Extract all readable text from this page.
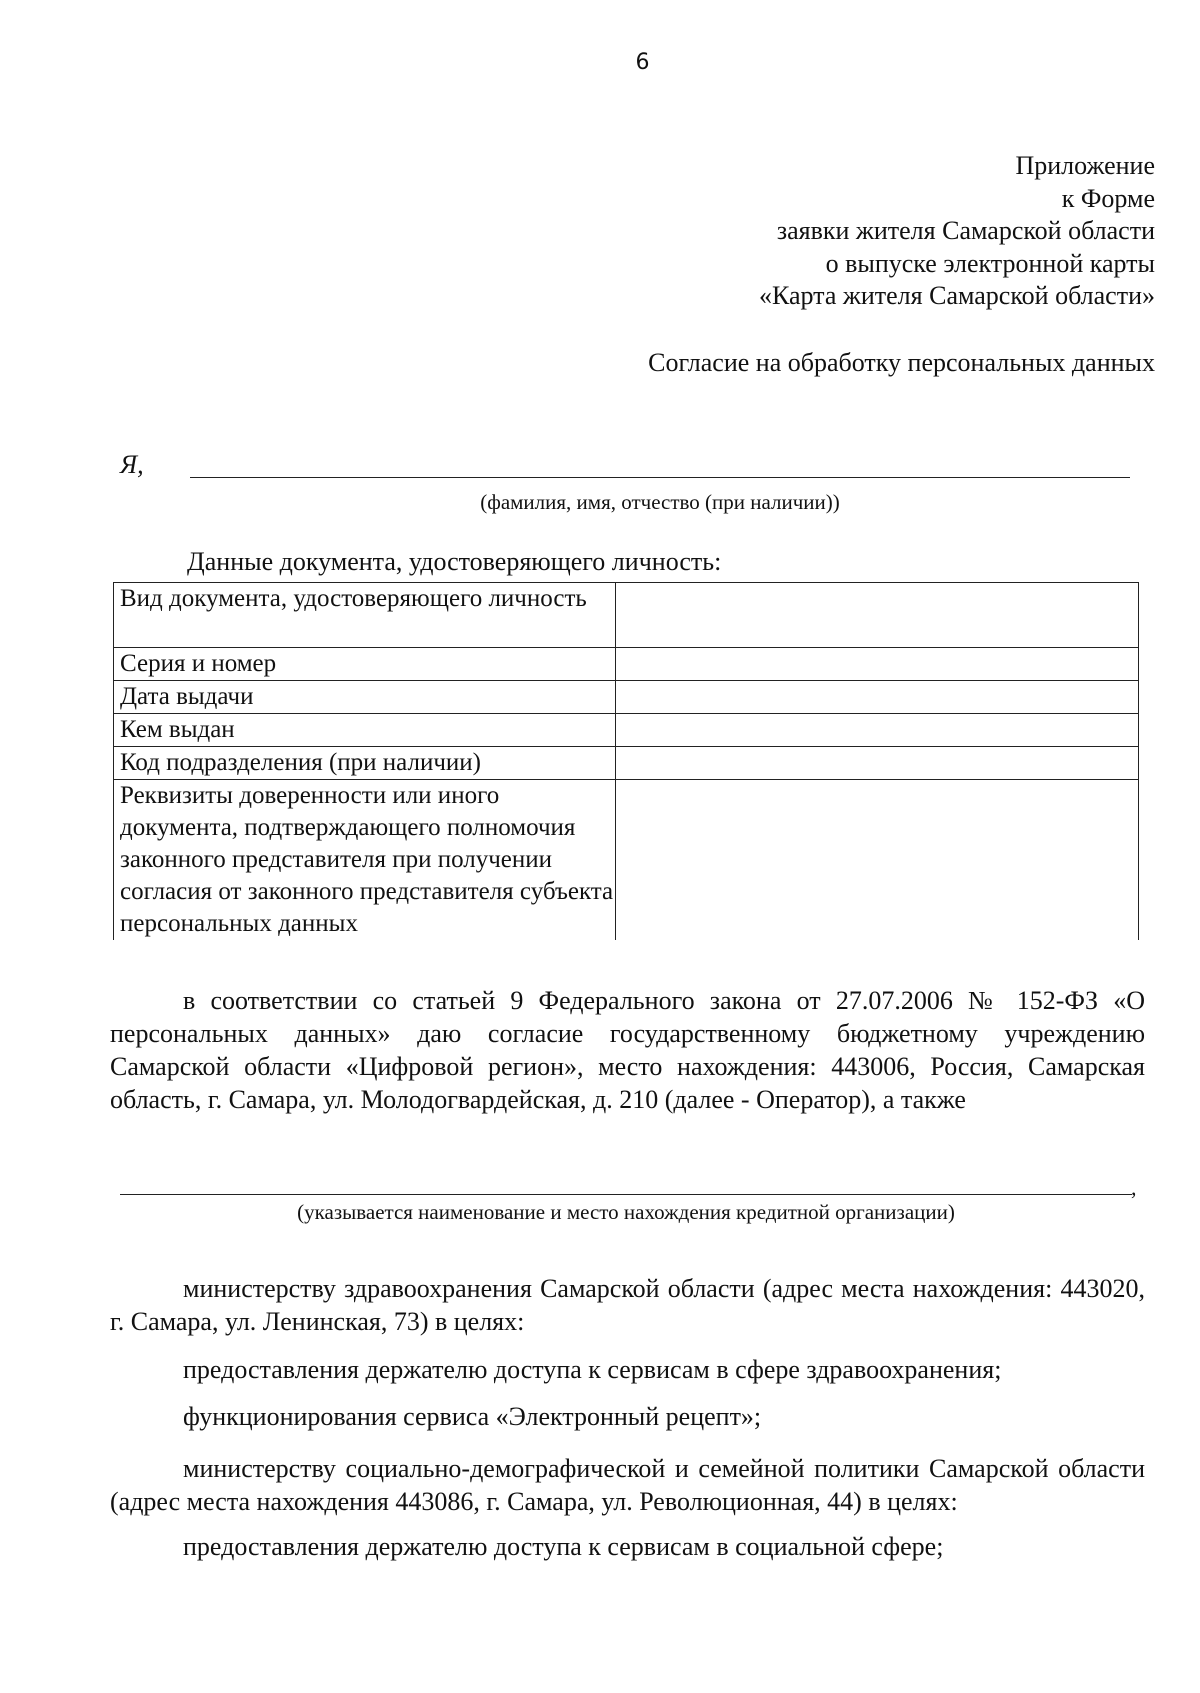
6
Приложение
к Форме
заявки жителя Самарской области
о выпуске электронной карты
«Карта жителя Самарской области»
Согласие на обработку персональных данных
Я,
(фамилия, имя, отчество (при наличии))
Данные документа, удостоверяющего личность:
Вид документа, удостоверяющего личность	
Серия и номер	
Дата выдачи	
Кем выдан	
Код подразделения (при наличии)	
Реквизиты доверенности или иного документа, подтверждающего полномочия законного представителя при получении согласия от законного представителя субъекта персональных данных	
в соответствии со статьей 9 Федерального закона от 27.07.2006 № 152-ФЗ «О персональных данных» даю согласие государственному бюджетному учреждению Самарской области «Цифровой регион», место нахождения: 443006, Россия, Самарская область, г. Самара, ул. Молодогвардейская, д. 210 (далее - Оператор), а также
,
(указывается наименование и место нахождения кредитной организации)
министерству здравоохранения Самарской области (адрес места нахождения: 443020, г. Самара, ул. Ленинская, 73) в целях:
предоставления держателю доступа к сервисам в сфере здравоохранения;
функционирования сервиса «Электронный рецепт»;
министерству социально-демографической и семейной политики Самарской области (адрес места нахождения 443086, г. Самара, ул. Революционная, 44) в целях:
предоставления держателю доступа к сервисам в социальной сфере;
